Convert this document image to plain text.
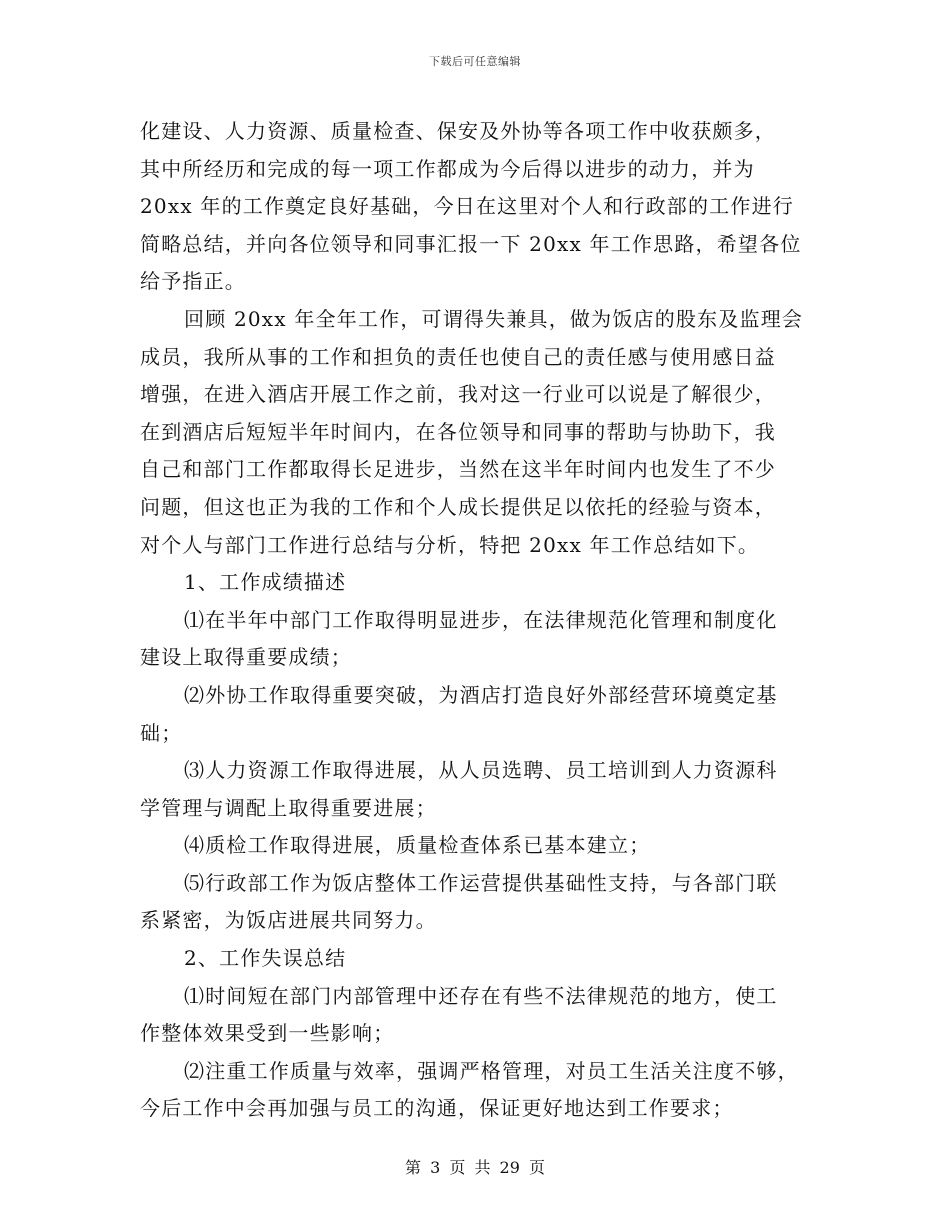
下载后可任意编辑
化建设、人力资源、质量检查、保安及外协等各项工作中收获颇多，
其中所经历和完成的每一项工作都成为今后得以进步的动力，并为
20xx 年的工作奠定良好基础，今日在这里对个人和行政部的工作进行
简略总结，并向各位领导和同事汇报一下 20xx 年工作思路，希望各位
给予指正。
回顾 20xx 年全年工作，可谓得失兼具，做为饭店的股东及监理会
成员，我所从事的工作和担负的责任也使自己的责任感与使用感日益
增强，在进入酒店开展工作之前，我对这一行业可以说是了解很少，
在到酒店后短短半年时间内，在各位领导和同事的帮助与协助下，我
自己和部门工作都取得长足进步，当然在这半年时间内也发生了不少
问题，但这也正为我的工作和个人成长提供足以依托的经验与资本，
对个人与部门工作进行总结与分析，特把 20xx 年工作总结如下。
1、工作成绩描述
⑴在半年中部门工作取得明显进步，在法律规范化管理和制度化
建设上取得重要成绩；
⑵外协工作取得重要突破，为酒店打造良好外部经营环境奠定基
础；
⑶人力资源工作取得进展，从人员选聘、员工培训到人力资源科
学管理与调配上取得重要进展；
⑷质检工作取得进展，质量检查体系已基本建立；
⑸行政部工作为饭店整体工作运营提供基础性支持，与各部门联
系紧密，为饭店进展共同努力。
2、工作失误总结
⑴时间短在部门内部管理中还存在有些不法律规范的地方，使工
作整体效果受到一些影响；
⑵注重工作质量与效率，强调严格管理，对员工生活关注度不够，
今后工作中会再加强与员工的沟通，保证更好地达到工作要求；
第 3 页 共 29 页
